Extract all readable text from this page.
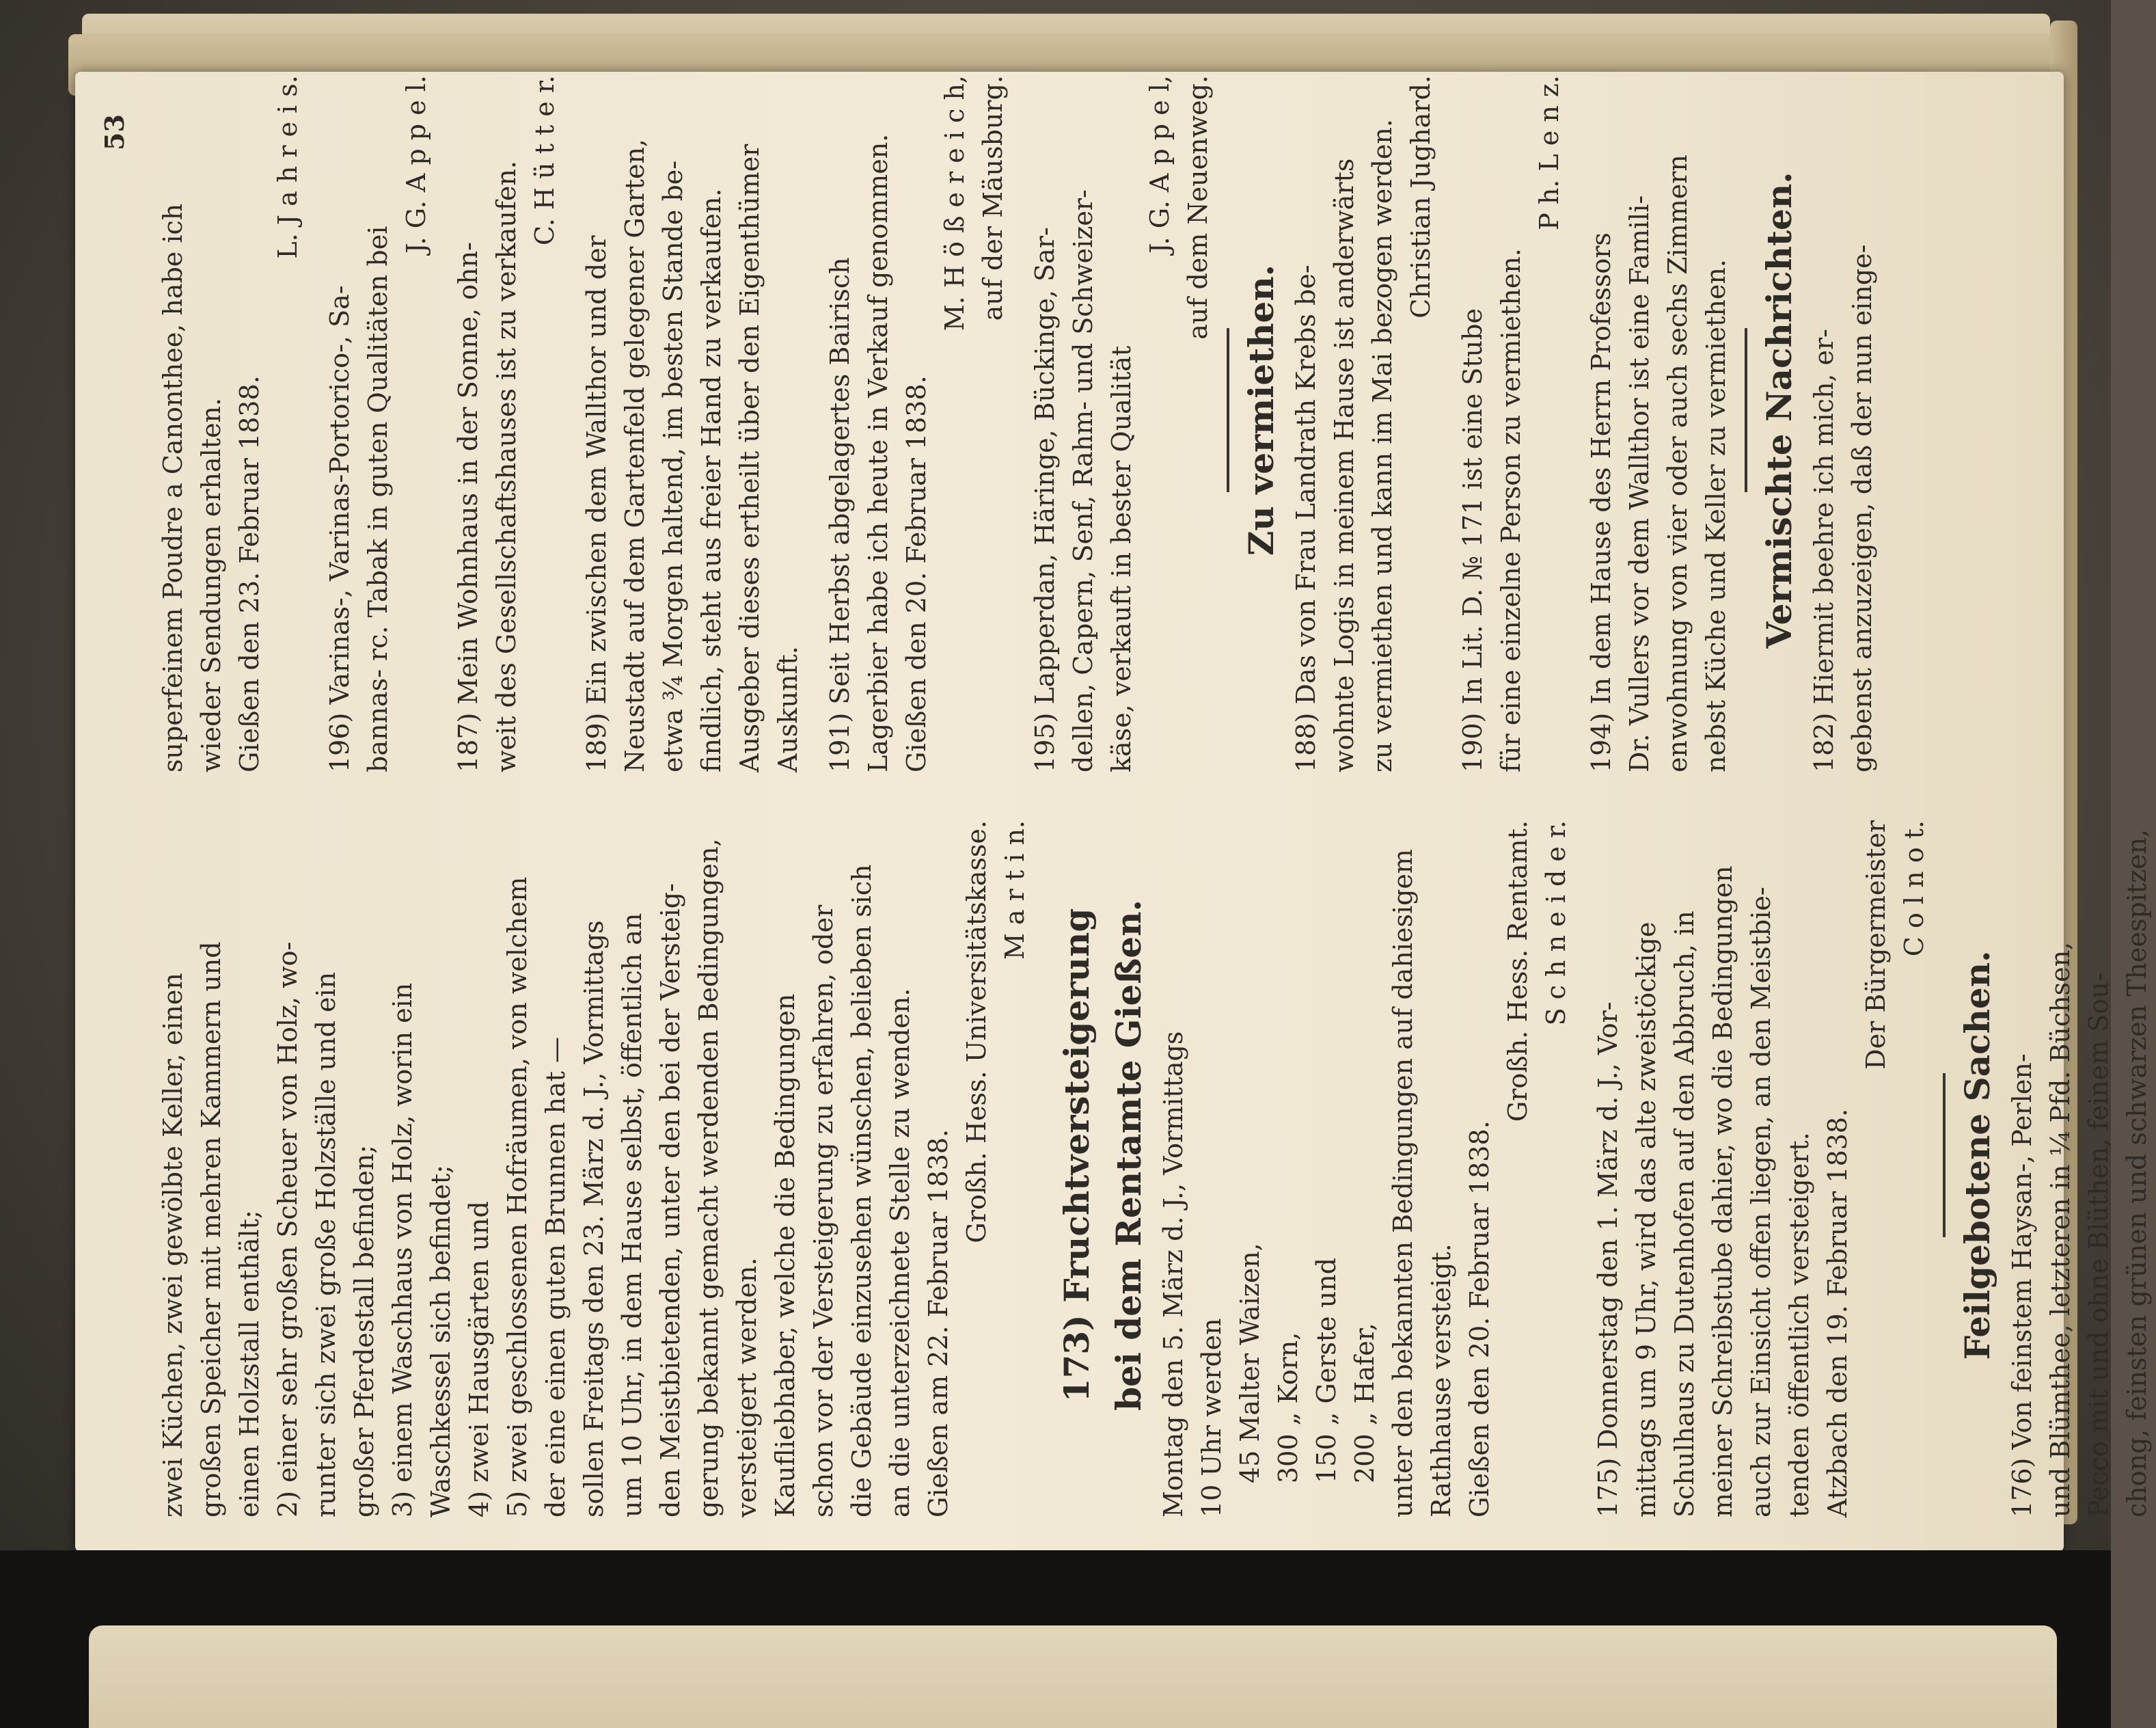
53
zwei Küchen, zwei gewölbte Keller, einen großen Speicher mit mehren Kammern und einen Holzstall enthält; 2) einer sehr großen Scheuer von Holz, wo- runter sich zwei große Holzställe und ein großer Pferdestall befinden; 3) einem Waschhaus von Holz, worin ein Waschkessel sich befindet; 4) zwei Hausgärten und 5) zwei geschlossenen Hofräumen, von welchem der eine einen guten Brunnen hat — sollen Freitags den 23. März d. J., Vormittags um 10 Uhr, in dem Hause selbst, öffentlich an den Meistbietenden, unter den bei der Versteig- gerung bekannt gemacht werdenden Bedingungen, versteigert werden. Kaufliebhaber, welche die Bedingungen schon vor der Versteigerung zu erfahren, oder die Gebäude einzusehen wünschen, belieben sich an die unterzeichnete Stelle zu wenden. Gießen am 22. Februar 1838.
Großh. Hess. Universitätskasse. M a r t i n.
173) Fruchtversteigerung bei dem Rentamte Gießen. Montag den 5. März d. J., Vormittags 10 Uhr werden 45 Malter Waizen, 300 „ Korn, 150 „ Gerste und 200 „ Hafer, unter den bekannten Bedingungen auf dahiesigem Rathhause versteigt. Gießen den 20. Februar 1838.
Großh. Hess. Rentamt. S c h n e i d e r.
175) Donnerstag den 1. März d. J., Vor- mittags um 9 Uhr, wird das alte zweistöckige Schulhaus zu Dutenhofen auf den Abbruch, in meiner Schreibstube dahier, wo die Bedingungen auch zur Einsicht offen liegen, an den Meistbie- tenden öffentlich versteigert. Atzbach den 19. Februar 1838.
Der Bürgermeister C o l n o t.
Feilgebotene Sachen. 176) Von feinstem Haysan-, Perlen- und Blümthee, letzteren in ¼ Pfd. Büchsen, Pecco mit und ohne Blüthen, feinem Sou- chong, feinsten grünen und schwarzen Theespitzen,
superfeinem Poudre a Canonthee, habe ich wieder Sendungen erhalten. Gießen den 23. Februar 1838.
L. J a h r e i s.
196) Varinas-, Varinas-Portorico-, Sa- bannas- rc. Tabak in guten Qualitäten bei
J. G. A p p e l.
187) Mein Wohnhaus in der Sonne, ohn- weit des Gesellschaftshauses ist zu verkaufen.
C. H ü t t e r.
189) Ein zwischen dem Wallthor und der Neustadt auf dem Gartenfeld gelegener Garten, etwa ¾ Morgen haltend, im besten Stande be- findlich, steht aus freier Hand zu verkaufen. Ausgeber dieses ertheilt über den Eigenthümer Auskunft. 191) Seit Herbst abgelagertes Bairisch Lagerbier habe ich heute in Verkauf genommen. Gießen den 20. Februar 1838.
M. H ö ß e r e i c h, auf der Mäusburg.
195) Lapperdan, Häringe, Bückinge, Sar- dellen, Capern, Senf, Rahm- und Schweizer- käse, verkauft in bester Qualität
J. G. A p p e l, auf dem Neuenweg.
Zu vermiethen. 188) Das von Frau Landrath Krebs be- wohnte Logis in meinem Hause ist anderwärts zu vermiethen und kann im Mai bezogen werden. Christian Jughard.
190) In Lit. D. № 171 ist eine Stube für eine einzelne Person zu vermiethen.
P h. L e n z.
194) In dem Hause des Herrn Professors Dr. Vullers vor dem Wallthor ist eine Famili- enwohnung von vier oder auch sechs Zimmern nebst Küche und Keller zu vermiethen. Vermischte Nachrichten. 182) Hiermit beehre ich mich, er- gebenst anzuzeigen, daß der nun einge-
